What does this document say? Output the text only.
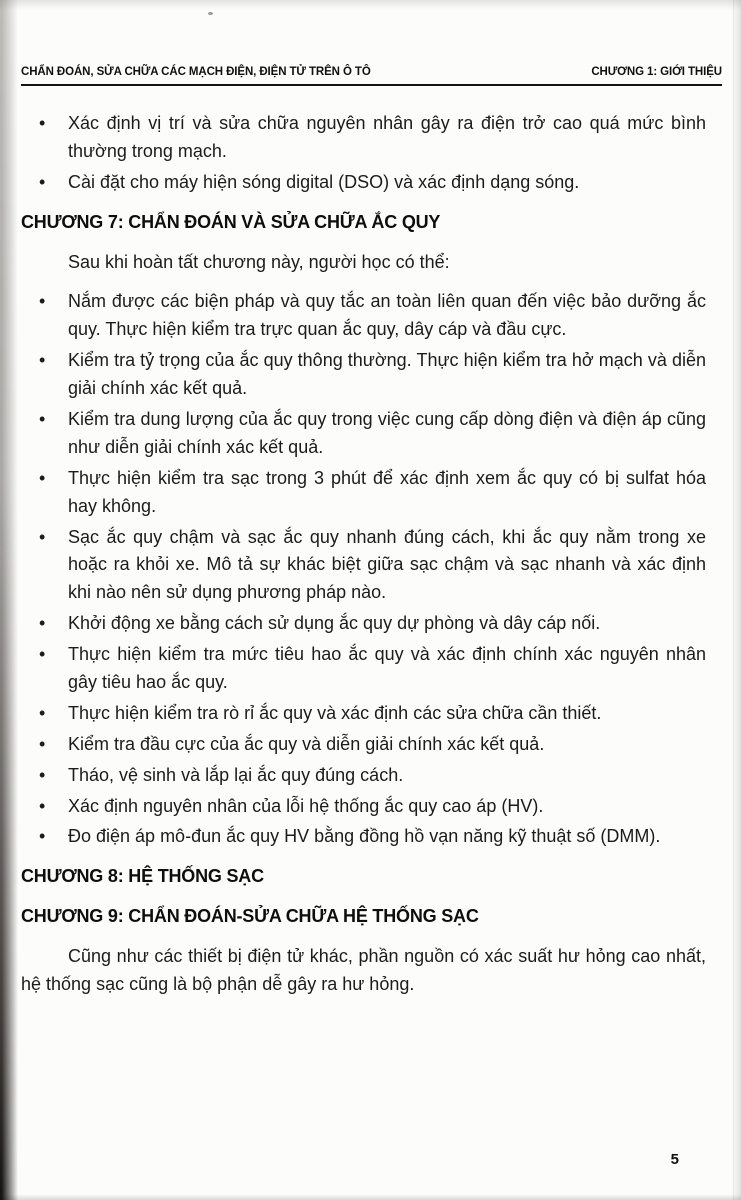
CHẨN ĐOÁN, SỬA CHỮA CÁC MẠCH ĐIỆN, ĐIỆN TỬ TRÊN Ô TÔ	CHƯƠNG 1: GIỚI THIỆU
• Xác định vị trí và sửa chữa nguyên nhân gây ra điện trở cao quá mức bình thường trong mạch.
• Cài đặt cho máy hiện sóng digital (DSO) và xác định dạng sóng.
CHƯƠNG 7: CHẨN ĐOÁN VÀ SỬA CHỮA ẮC QUY

Sau khi hoàn tất chương này, người học có thể:

• Nắm được các biện pháp và quy tắc an toàn liên quan đến việc bảo dưỡng ắc quy. Thực hiện kiểm tra trực quan ắc quy, dây cáp và đầu cực.
• Kiểm tra tỷ trọng của ắc quy thông thường. Thực hiện kiểm tra hở mạch và diễn giải chính xác kết quả.
• Kiểm tra dung lượng của ắc quy trong việc cung cấp dòng điện và điện áp cũng như diễn giải chính xác kết quả.
• Thực hiện kiểm tra sạc trong 3 phút để xác định xem ắc quy có bị sulfat hóa hay không.
• Sạc ắc quy chậm và sạc ắc quy nhanh đúng cách, khi ắc quy nằm trong xe hoặc ra khỏi xe. Mô tả sự khác biệt giữa sạc chậm và sạc nhanh và xác định khi nào nên sử dụng phương pháp nào.
• Khởi động xe bằng cách sử dụng ắc quy dự phòng và dây cáp nối.
• Thực hiện kiểm tra mức tiêu hao ắc quy và xác định chính xác nguyên nhân gây tiêu hao ắc quy.
• Thực hiện kiểm tra rò rỉ ắc quy và xác định các sửa chữa cần thiết.
• Kiểm tra đầu cực của ắc quy và diễn giải chính xác kết quả.
• Tháo, vệ sinh và lắp lại ắc quy đúng cách.
• Xác định nguyên nhân của lỗi hệ thống ắc quy cao áp (HV).
• Đo điện áp mô-đun ắc quy HV bằng đồng hồ vạn năng kỹ thuật số (DMM).
CHƯƠNG 8: HỆ THỐNG SẠC
CHƯƠNG 9: CHẨN ĐOÁN-SỬA CHỮA HỆ THỐNG SẠC

Cũng như các thiết bị điện tử khác, phần nguồn có xác suất hư hỏng cao nhất, hệ thống sạc cũng là bộ phận dễ gây ra hư hỏng.

5
